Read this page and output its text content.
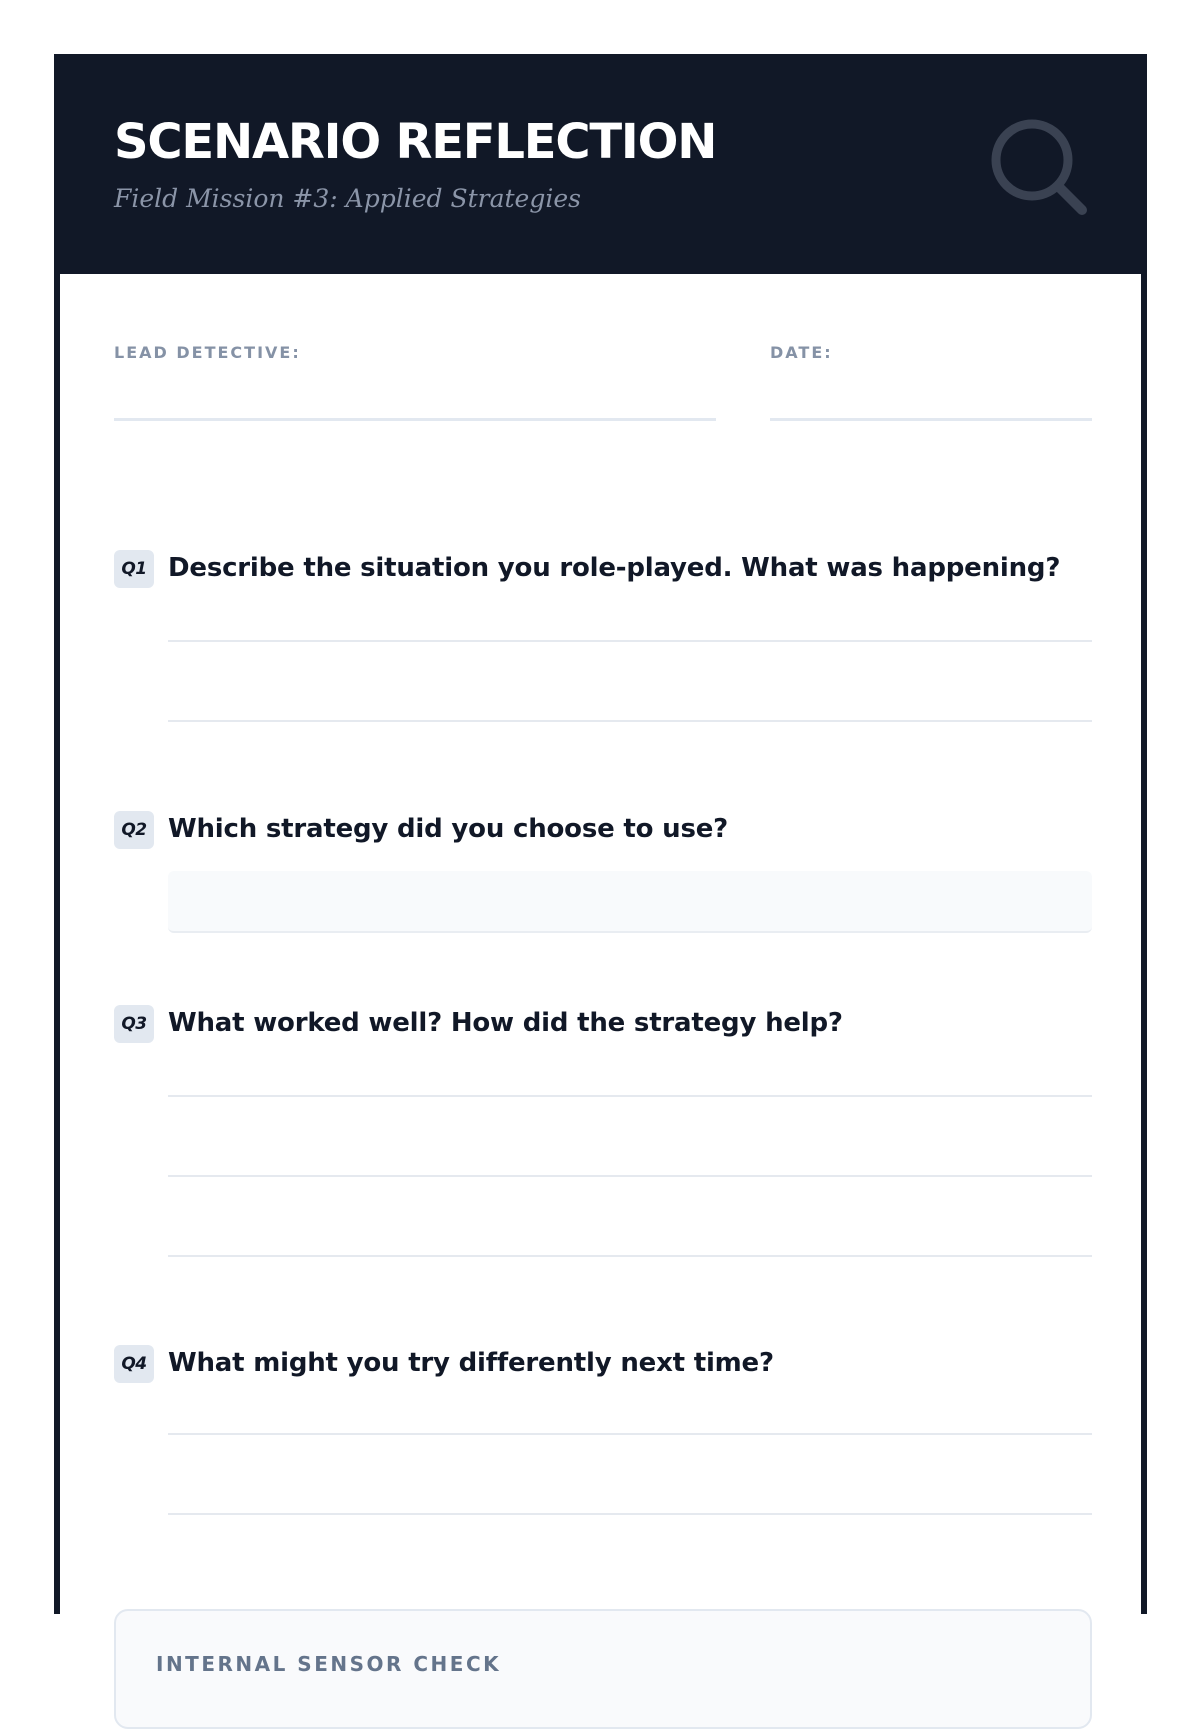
SCENARIO REFLECTION

Field Mission #3: Applied Strategies

LEAD DETECTIVE:	DATE:

Q1 Describe the situation you role-played. What was happening?

Q2 Which strategy did you choose to use?

Q3 What worked well? How did the strategy help?

Q4 What might you try differently next time?

INTERNAL SENSOR CHECK
